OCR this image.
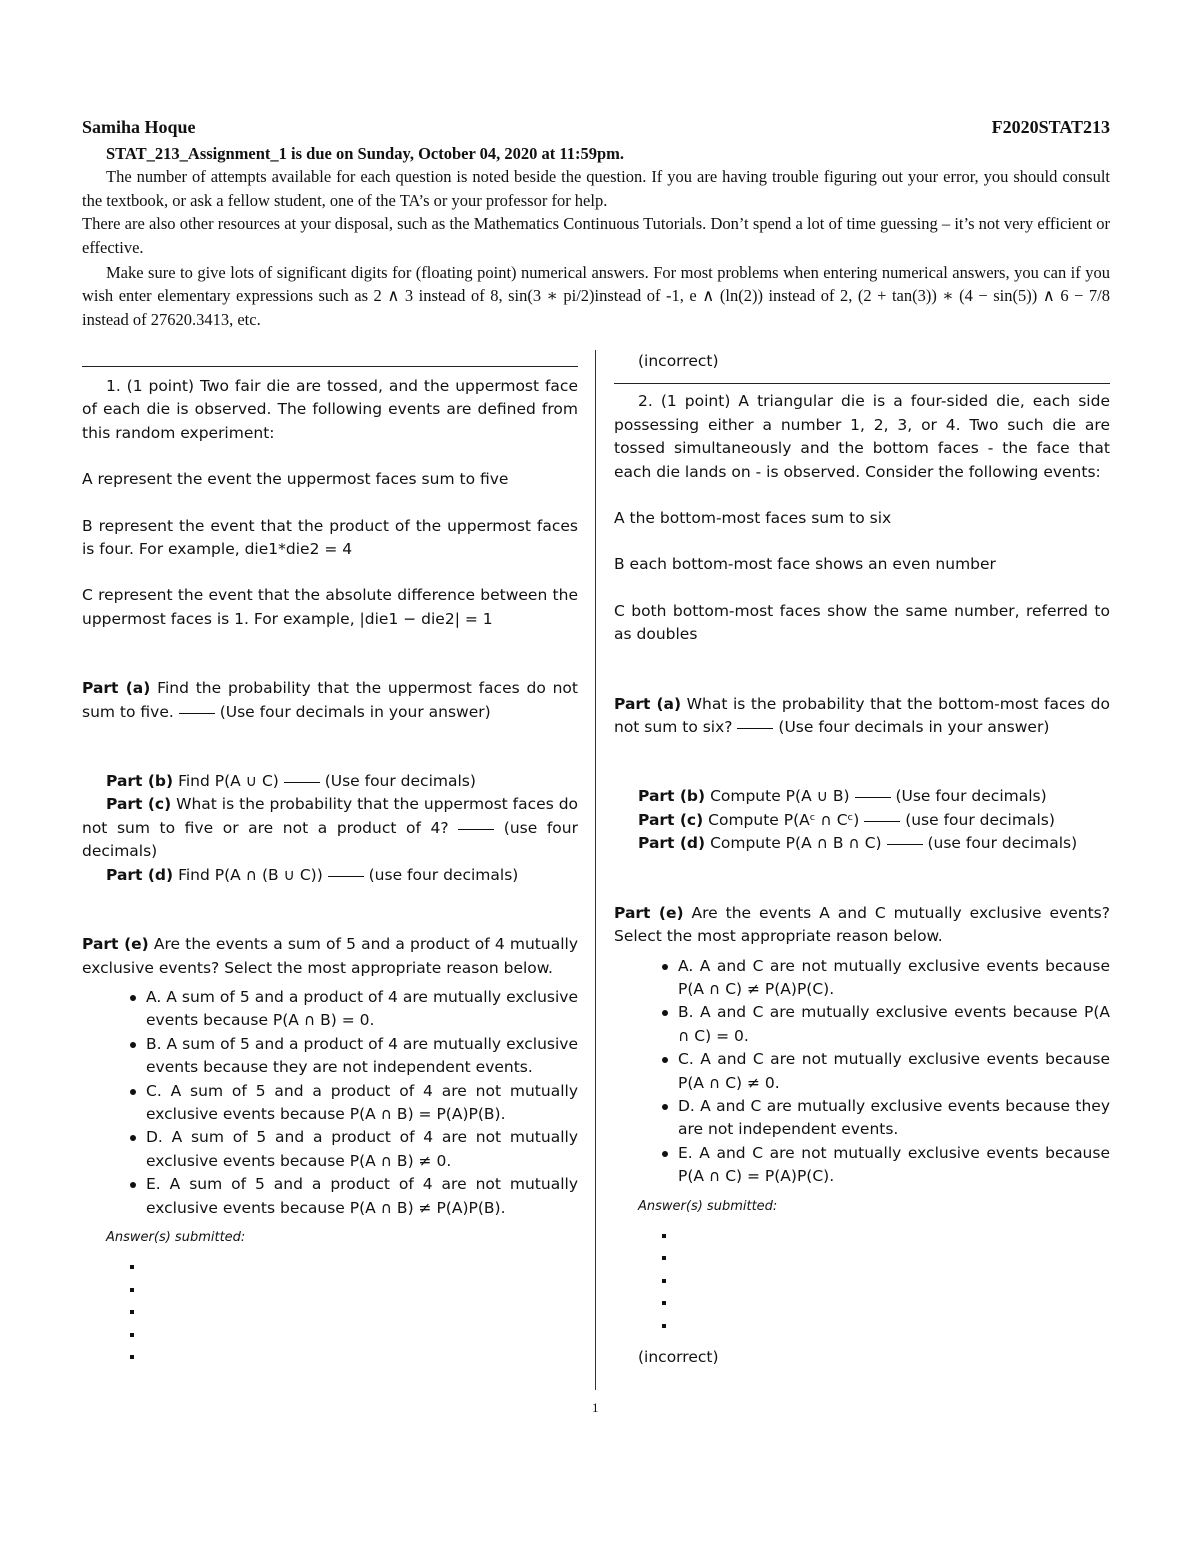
Samiha Hoque	F2020STAT213

STAT_213_Assignment_1 is due on Sunday, October 04, 2020 at 11:59pm.

The number of attempts available for each question is noted beside the question. If you are having trouble figuring out your error, you should consult the textbook, or ask a fellow student, one of the TA’s or your professor for help.

There are also other resources at your disposal, such as the Mathematics Continuous Tutorials. Don’t spend a lot of time guessing – it’s not very efficient or effective.

Make sure to give lots of significant digits for (floating point) numerical answers. For most problems when entering numerical answers, you can if you wish enter elementary expressions such as 2 ∧ 3 instead of 8, sin(3 ∗ pi/2)instead of -1, e ∧ (ln(2)) instead of 2, (2 + tan(3)) ∗ (4 − sin(5)) ∧ 6 − 7/8 instead of 27620.3413, etc.

1. (1 point) Two fair die are tossed, and the uppermost face of each die is observed. The following events are defined from this random experiment:

A represent the event the uppermost faces sum to five

B represent the event that the product of the uppermost faces is four. For example, die1*die2 = 4

C represent the event that the absolute difference between the uppermost faces is 1. For example, |die1 − die2| = 1

Part (a) Find the probability that the uppermost faces do not sum to five.	(Use four decimals in your answer)

Part (b) Find P(A ∪ C)	(Use four decimals)

Part (c) What is the probability that the uppermost faces do not sum to five or are not a product of 4?	(use four decimals)

Part (d) Find P(A ∩ (B ∪ C))	(use four decimals)

Part (e) Are the events a sum of 5 and a product of 4 mutually exclusive events? Select the most appropriate reason below.

A. A sum of 5 and a product of 4 are mutually exclusive events because P(A ∩ B) = 0.
B. A sum of 5 and a product of 4 are mutually exclusive events because they are not independent events.
C. A sum of 5 and a product of 4 are not mutually exclusive events because P(A ∩ B) = P(A)P(B).
D. A sum of 5 and a product of 4 are not mutually exclusive events because P(A ∩ B) ≠ 0.
E. A sum of 5 and a product of 4 are not mutually exclusive events because P(A ∩ B) ≠ P(A)P(B).

Answer(s) submitted:

(incorrect)

2. (1 point) A triangular die is a four-sided die, each side possessing either a number 1, 2, 3, or 4. Two such die are tossed simultaneously and the bottom faces - the face that each die lands on - is observed. Consider the following events:

A the bottom-most faces sum to six

B each bottom-most face shows an even number

C both bottom-most faces show the same number, referred to as doubles

Part (a) What is the probability that the bottom-most faces do not sum to six?	(Use four decimals in your answer)

Part (b) Compute P(A ∪ B)	(Use four decimals)

Part (c) Compute P(Aᶜ ∩ Cᶜ)	(use four decimals)

Part (d) Compute P(A ∩ B ∩ C)	(use four decimals)

Part (e) Are the events A and C mutually exclusive events? Select the most appropriate reason below.

A. A and C are not mutually exclusive events because P(A ∩ C) ≠ P(A)P(C).
B. A and C are mutually exclusive events because P(A ∩ C) = 0.
C. A and C are not mutually exclusive events because P(A ∩ C) ≠ 0.
D. A and C are mutually exclusive events because they are not independent events.
E. A and C are not mutually exclusive events because P(A ∩ C) = P(A)P(C).

Answer(s) submitted:

(incorrect)

1
